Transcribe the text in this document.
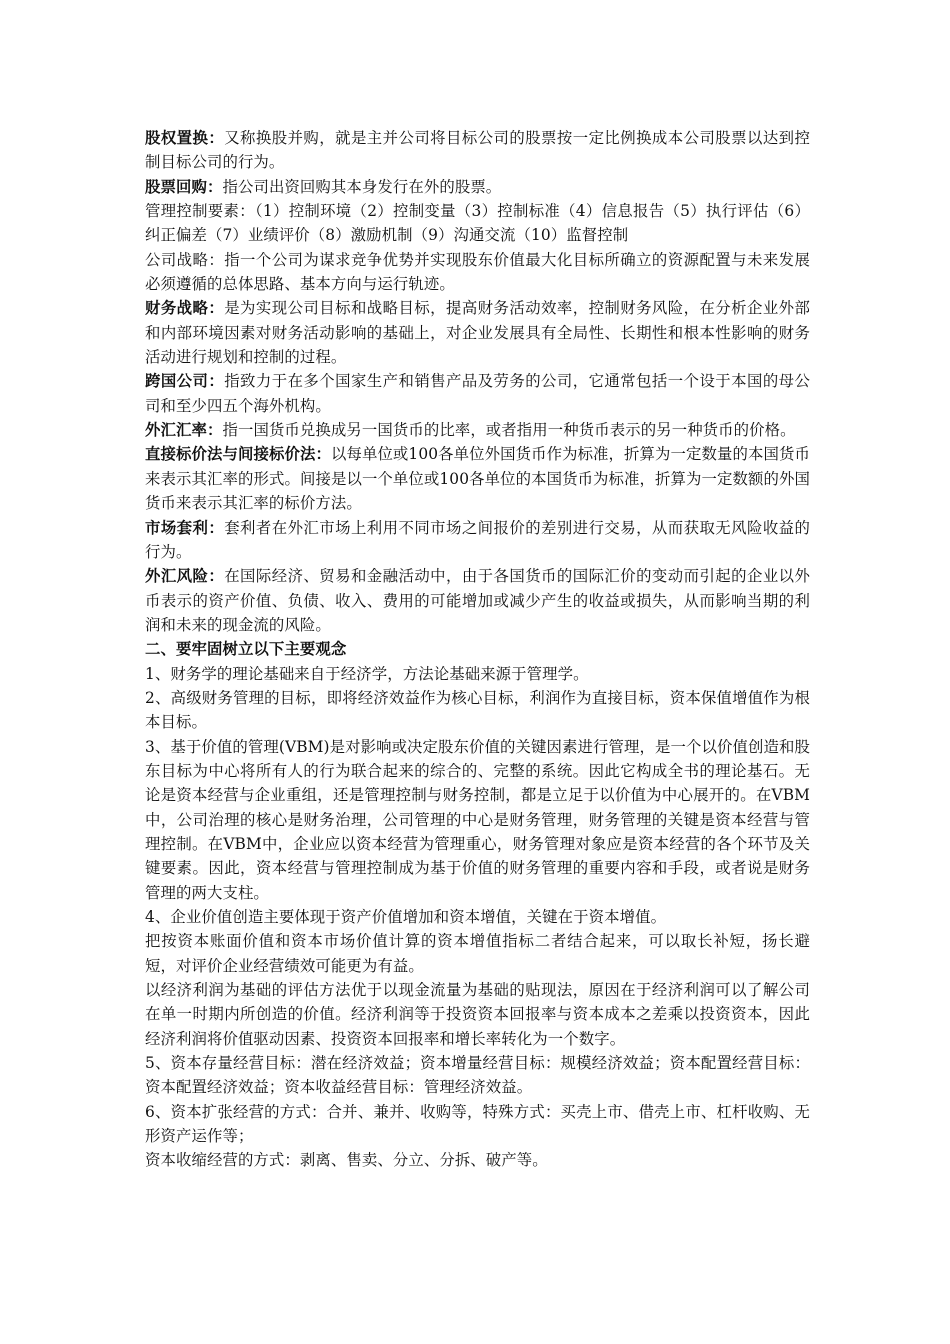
股权置换：又称换股并购，就是主并公司将目标公司的股票按一定比例换成本公司股票以达到控制目标公司的行为。

股票回购：指公司出资回购其本身发行在外的股票。

管理控制要素：（1）控制环境（2）控制变量（3）控制标准（4）信息报告（5）执行评估（6）纠正偏差（7）业绩评价（8）激励机制（9）沟通交流（10）监督控制

公司战略：指一个公司为谋求竞争优势并实现股东价值最大化目标所确立的资源配置与未来发展必须遵循的总体思路、基本方向与运行轨迹。

财务战略：是为实现公司目标和战略目标，提高财务活动效率，控制财务风险，在分析企业外部和内部环境因素对财务活动影响的基础上，对企业发展具有全局性、长期性和根本性影响的财务活动进行规划和控制的过程。

跨国公司：指致力于在多个国家生产和销售产品及劳务的公司，它通常包括一个设于本国的母公司和至少四五个海外机构。

外汇汇率：指一国货币兑换成另一国货币的比率，或者指用一种货币表示的另一种货币的价格。

直接标价法与间接标价法：以每单位或100各单位外国货币作为标准，折算为一定数量的本国货币来表示其汇率的形式。间接是以一个单位或100各单位的本国货币为标准，折算为一定数额的外国货币来表示其汇率的标价方法。

市场套利：套利者在外汇市场上利用不同市场之间报价的差别进行交易，从而获取无风险收益的行为。

外汇风险：在国际经济、贸易和金融活动中，由于各国货币的国际汇价的变动而引起的企业以外币表示的资产价值、负债、收入、费用的可能增加或减少产生的收益或损失，从而影响当期的利润和未来的现金流的风险。

二、要牢固树立以下主要观念

1、财务学的理论基础来自于经济学，方法论基础来源于管理学。

2、高级财务管理的目标，即将经济效益作为核心目标，利润作为直接目标，资本保值增值作为根本目标。

3、基于价值的管理(VBM)是对影响或决定股东价值的关键因素进行管理，是一个以价值创造和股东目标为中心将所有人的行为联合起来的综合的、完整的系统。因此它构成全书的理论基石。无论是资本经营与企业重组，还是管理控制与财务控制，都是立足于以价值为中心展开的。在VBM中，公司治理的核心是财务治理，公司管理的中心是财务管理，财务管理的关键是资本经营与管理控制。在VBM中，企业应以资本经营为管理重心，财务管理对象应是资本经营的各个环节及关键要素。因此，资本经营与管理控制成为基于价值的财务管理的重要内容和手段，或者说是财务管理的两大支柱。

4、企业价值创造主要体现于资产价值增加和资本增值，关键在于资本增值。

把按资本账面价值和资本市场价值计算的资本增值指标二者结合起来，可以取长补短，扬长避短，对评价企业经营绩效可能更为有益。

以经济利润为基础的评估方法优于以现金流量为基础的贴现法，原因在于经济利润可以了解公司在单一时期内所创造的价值。经济利润等于投资资本回报率与资本成本之差乘以投资资本，因此经济利润将价值驱动因素、投资资本回报率和增长率转化为一个数字。

5、资本存量经营目标：潜在经济效益；资本增量经营目标：规模经济效益；资本配置经营目标：资本配置经济效益；资本收益经营目标：管理经济效益。

6、资本扩张经营的方式：合并、兼并、收购等，特殊方式：买壳上市、借壳上市、杠杆收购、无形资产运作等；

资本收缩经营的方式：剥离、售卖、分立、分拆、破产等。
